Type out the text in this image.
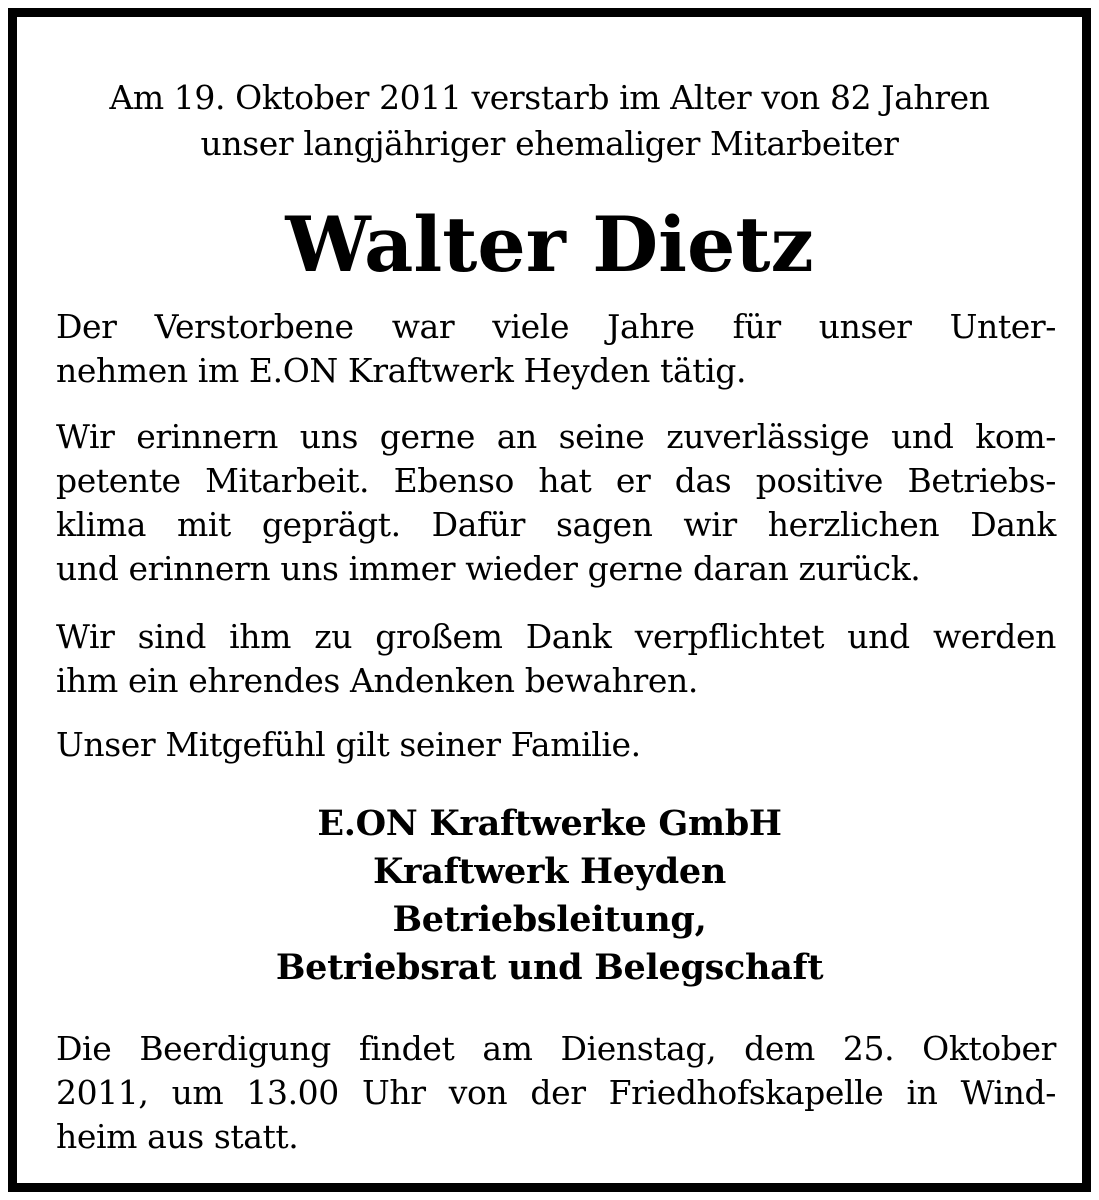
Am 19. Oktober 2011 verstarb im Alter von 82 Jahren
unser langjähriger ehemaliger Mitarbeiter
Walter Dietz
Der Verstorbene war viele Jahre für unser Unter-
nehmen im E.ON Kraftwerk Heyden tätig.
Wir erinnern uns gerne an seine zuverlässige und kom-
petente Mitarbeit. Ebenso hat er das positive Betriebs-
klima mit geprägt. Dafür sagen wir herzlichen Dank
und erinnern uns immer wieder gerne daran zurück.
Wir sind ihm zu großem Dank verpflichtet und werden
ihm ein ehrendes Andenken bewahren.
Unser Mitgefühl gilt seiner Familie.
E.ON Kraftwerke GmbH
Kraftwerk Heyden
Betriebsleitung,
Betriebsrat und Belegschaft
Die Beerdigung findet am Dienstag, dem 25. Oktober
2011, um 13.00 Uhr von der Friedhofskapelle in Wind-
heim aus statt.
